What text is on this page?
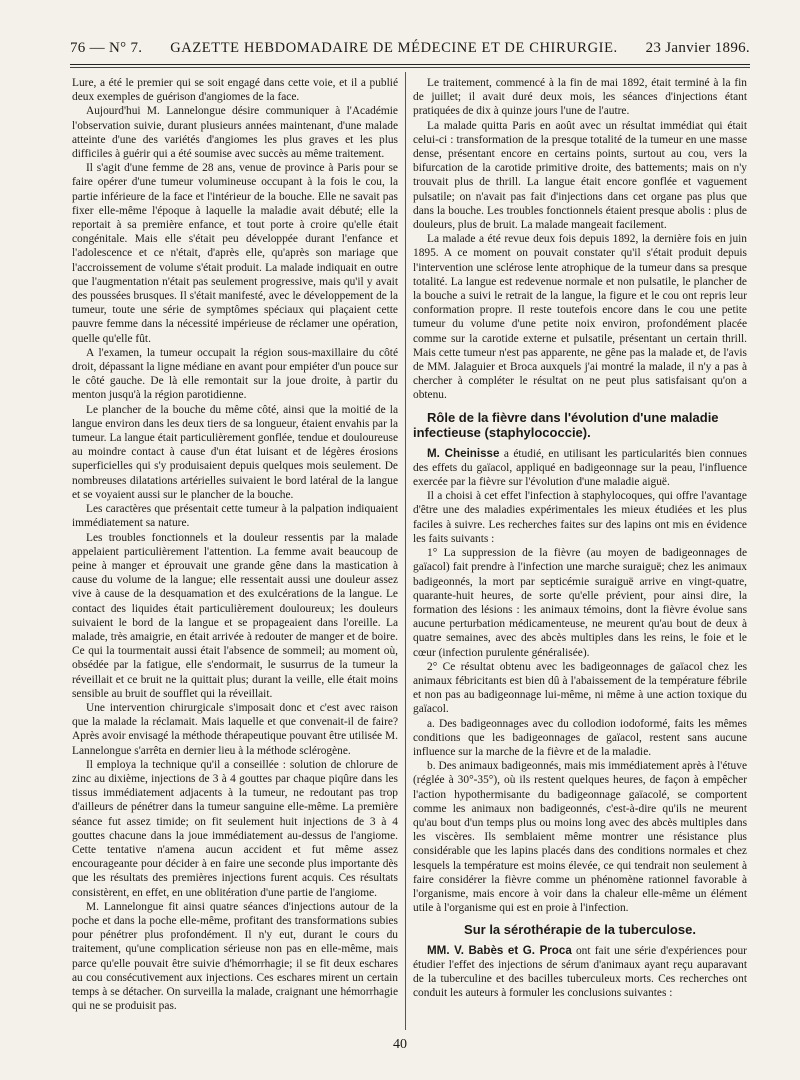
76 — N° 7. GAZETTE HEBDOMADAIRE DE MÉDECINE ET DE CHIRURGIE. 23 Janvier 1896.

Lure, a été le premier qui se soit engagé dans cette voie, et il a publié deux exemples de guérison d'angiomes de la face.

Aujourd'hui M. Lannelongue désire communiquer à l'Académie l'observation suivie, durant plusieurs années maintenant, d'une malade atteinte d'une des variétés d'angiomes les plus graves et les plus difficiles à guérir qui a été soumise avec succès au même traitement.

Il s'agit d'une femme de 28 ans, venue de province à Paris pour se faire opérer d'une tumeur volumineuse occupant à la fois le cou, la partie inférieure de la face et l'intérieur de la bouche. Elle ne savait pas fixer elle-même l'époque à laquelle la maladie avait débuté; elle la reportait à sa première enfance, et tout porte à croire qu'elle était congénitale. Mais elle s'était peu développée durant l'enfance et l'adolescence et ce n'était, d'après elle, qu'après son mariage que l'accroissement de volume s'était produit. La malade indiquait en outre que l'augmentation n'était pas seulement progressive, mais qu'il y avait des poussées brusques. Il s'était manifesté, avec le développement de la tumeur, toute une série de symptômes spéciaux qui plaçaient cette pauvre femme dans la nécessité impérieuse de réclamer une opération, quelle qu'elle fût.

A l'examen, la tumeur occupait la région sous-maxillaire du côté droit, dépassant la ligne médiane en avant pour empiéter d'un pouce sur le côté gauche. De là elle remontait sur la joue droite, à partir du menton jusqu'à la région parotidienne.

Le plancher de la bouche du même côté, ainsi que la moitié de la langue environ dans les deux tiers de sa longueur, étaient envahis par la tumeur. La langue était particulièrement gonflée, tendue et douloureuse au moindre contact à cause d'un état luisant et de légères érosions superficielles qui s'y produisaient depuis quelques mois seulement. De nombreuses dilatations artérielles suivaient le bord latéral de la langue et se voyaient aussi sur le plancher de la bouche.

Les caractères que présentait cette tumeur à la palpation indiquaient immédiatement sa nature.

Les troubles fonctionnels et la douleur ressentis par la malade appelaient particulièrement l'attention. La femme avait beaucoup de peine à manger et éprouvait une grande gêne dans la mastication à cause du volume de la langue; elle ressentait aussi une douleur assez vive à cause de la desquamation et des exulcérations de la langue. Le contact des liquides était particulièrement douloureux; les douleurs suivaient le bord de la langue et se propageaient dans l'oreille. La malade, très amaigrie, en était arrivée à redouter de manger et de boire. Ce qui la tourmentait aussi était l'absence de sommeil; au moment où, obsédée par la fatigue, elle s'endormait, le susurrus de la tumeur la réveillait et ce bruit ne la quittait plus; durant la veille, elle était moins sensible au bruit de soufflet qui la réveillait.

Une intervention chirurgicale s'imposait donc et c'est avec raison que la malade la réclamait. Mais laquelle et que convenait-il de faire? Après avoir envisagé la méthode thérapeutique pouvant être utilisée M. Lannelongue s'arrêta en dernier lieu à la méthode sclérogène.

Il employa la technique qu'il a conseillée : solution de chlorure de zinc au dixième, injections de 3 à 4 gouttes par chaque piqûre dans les tissus immédiatement adjacents à la tumeur, ne redoutant pas trop d'ailleurs de pénétrer dans la tumeur sanguine elle-même. La première séance fut assez timide; on fit seulement huit injections de 3 à 4 gouttes chacune dans la joue immédiatement au-dessus de l'angiome. Cette tentative n'amena aucun accident et fut même assez encourageante pour décider à en faire une seconde plus importante dès que les résultats des premières injections furent acquis. Ces résultats consistèrent, en effet, en une oblitération d'une partie de l'angiome.

M. Lannelongue fit ainsi quatre séances d'injections autour de la poche et dans la poche elle-même, profitant des transformations subies pour pénétrer plus profondément. Il n'y eut, durant le cours du traitement, qu'une complication sérieuse non pas en elle-même, mais parce qu'elle pouvait être suivie d'hémorrhagie; il se fit deux eschares au cou consécutivement aux injections. Ces eschares mirent un certain temps à se détacher. On surveilla la malade, craignant une hémorrhagie qui ne se produisit pas.

Le traitement, commencé à la fin de mai 1892, était terminé à la fin de juillet; il avait duré deux mois, les séances d'injections étant pratiquées de dix à quinze jours l'une de l'autre.

La malade quitta Paris en août avec un résultat immédiat qui était celui-ci : transformation de la presque totalité de la tumeur en une masse dense, présentant encore en certains points, surtout au cou, vers la bifurcation de la carotide primitive droite, des battements; mais on n'y trouvait plus de thrill. La langue était encore gonflée et vaguement pulsatile; on n'avait pas fait d'injections dans cet organe pas plus que dans la bouche. Les troubles fonctionnels étaient presque abolis : plus de douleurs, plus de bruit. La malade mangeait facilement.

La malade a été revue deux fois depuis 1892, la dernière fois en juin 1895. A ce moment on pouvait constater qu'il s'était produit depuis l'intervention une sclérose lente atrophique de la tumeur dans sa presque totalité. La langue est redevenue normale et non pulsatile, le plancher de la bouche a suivi le retrait de la langue, la figure et le cou ont repris leur conformation propre. Il reste toutefois encore dans le cou une petite tumeur du volume d'une petite noix environ, profondément placée comme sur la carotide externe et pulsatile, présentant un certain thrill. Mais cette tumeur n'est pas apparente, ne gêne pas la malade et, de l'avis de MM. Jalaguier et Broca auxquels j'ai montré la malade, il n'y a pas à chercher à compléter le résultat on ne peut plus satisfaisant qu'on a obtenu.

Rôle de la fièvre dans l'évolution d'une maladie infectieuse (staphylococcie).

M. Cheinisse a étudié, en utilisant les particularités bien connues des effets du gaïacol, appliqué en badigeonnage sur la peau, l'influence exercée par la fièvre sur l'évolution d'une maladie aiguë.

Il a choisi à cet effet l'infection à staphylocoques, qui offre l'avantage d'être une des maladies expérimentales les mieux étudiées et les plus faciles à suivre. Les recherches faites sur des lapins ont mis en évidence les faits suivants :

1° La suppression de la fièvre (au moyen de badigeonnages de gaïacol) fait prendre à l'infection une marche suraiguë; chez les animaux badigeonnés, la mort par septicémie suraiguë arrive en vingt-quatre, quarante-huit heures, de sorte qu'elle prévient, pour ainsi dire, la formation des lésions : les animaux témoins, dont la fièvre évolue sans aucune perturbation médicamenteuse, ne meurent qu'au bout de deux à quatre semaines, avec des abcès multiples dans les reins, le foie et le cœur (infection purulente généralisée).

2° Ce résultat obtenu avec les badigeonnages de gaïacol chez les animaux fébricitants est bien dû à l'abaissement de la température fébrile et non pas au badigeonnage lui-même, ni même à une action toxique du gaïacol.

a. Des badigeonnages avec du collodion iodoformé, faits les mêmes conditions que les badigeonnages de gaïacol, restent sans aucune influence sur la marche de la fièvre et de la maladie.

b. Des animaux badigeonnés, mais mis immédiatement après à l'étuve (réglée à 30°-35°), où ils restent quelques heures, de façon à empêcher l'action hypothermisante du badigeonnage gaïacolé, se comportent comme les animaux non badigeonnés, c'est-à-dire qu'ils ne meurent qu'au bout d'un temps plus ou moins long avec des abcès multiples dans les viscères. Ils semblaient même montrer une résistance plus considérable que les lapins placés dans des conditions normales et chez lesquels la température est moins élevée, ce qui tendrait non seulement à faire considérer la fièvre comme un phénomène rationnel favorable à l'organisme, mais encore à voir dans la chaleur elle-même un élément utile à l'organisme qui est en proie à l'infection.

Sur la sérothérapie de la tuberculose.

MM. V. Babès et G. Proca ont fait une série d'expériences pour étudier l'effet des injections de sérum d'animaux ayant reçu auparavant de la tuberculine et des bacilles tuberculeux morts. Ces recherches ont conduit les auteurs à formuler les conclusions suivantes :

40
